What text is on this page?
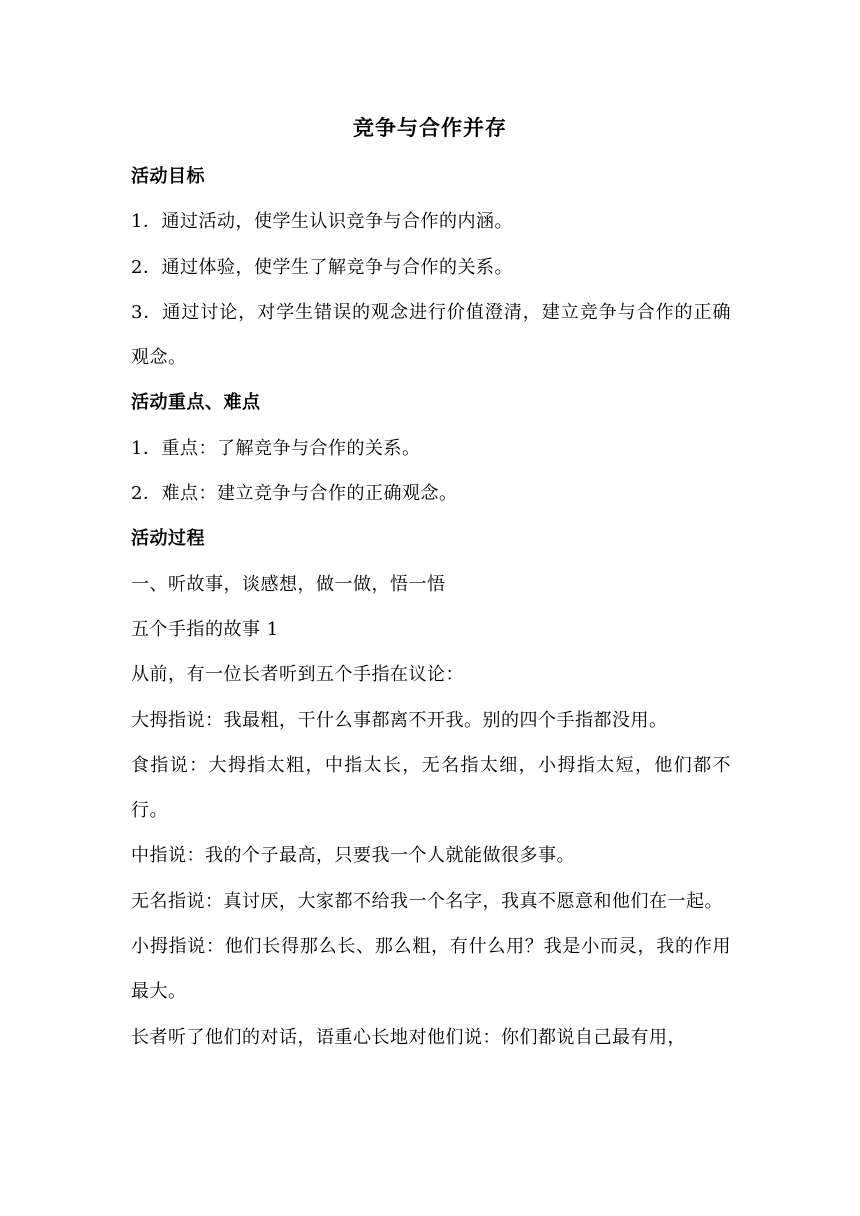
竞争与合作并存

活动目标

1．通过活动，使学生认识竞争与合作的内涵。

2．通过体验，使学生了解竞争与合作的关系。

3．通过讨论，对学生错误的观念进行价值澄清，建立竞争与合作的正确观念。

活动重点、难点

1．重点：了解竞争与合作的关系。

2．难点：建立竞争与合作的正确观念。

活动过程

一、听故事，谈感想，做一做，悟一悟

五个手指的故事 1

从前，有一位长者听到五个手指在议论：

大拇指说：我最粗，干什么事都离不开我。别的四个手指都没用。

食指说：大拇指太粗，中指太长，无名指太细，小拇指太短，他们都不行。

中指说：我的个子最高，只要我一个人就能做很多事。

无名指说：真讨厌，大家都不给我一个名字，我真不愿意和他们在一起。

小拇指说：他们长得那么长、那么粗，有什么用？我是小而灵，我的作用最大。

长者听了他们的对话，语重心长地对他们说：你们都说自己最有用，
